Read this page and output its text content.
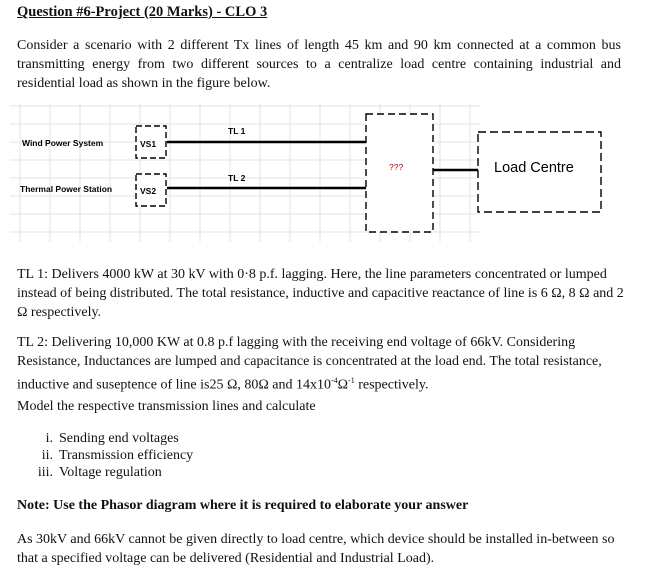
Question #6-Project (20 Marks) - CLO 3
Consider a scenario with 2 different Tx lines of length 45 km and 90 km connected at a common bus transmitting energy from two different sources to a centralize load centre containing industrial and residential load as shown in the figure below.
Wind Power System
Thermal Power Station
VS1
VS2
TL 1
TL 2
???	Load Centre
TL 1: Delivers 4000 kW at 30 kV with 0·8 p.f. lagging. Here, the line parameters concentrated or lumped instead of being distributed. The total resistance, inductive and capacitive reactance of line is 6 Ω, 8 Ω and 2 Ω respectively.
TL 2: Delivering 10,000 KW at 0.8 p.f lagging with the receiving end voltage of 66kV. Considering Resistance, Inductances are lumped and capacitance is concentrated at the load end. The total resistance, inductive and suseptence of line is25 Ω, 80Ω and $14x10^{-4}\Omega^{-1}$ respectively.
Model the respective transmission lines and calculate
i. Sending end voltages
ii. Transmission efficiency
iii. Voltage regulation
Note: Use the Phasor diagram where it is required to elaborate your answer
As 30kV and 66kV cannot be given directly to load centre, which device should be installed in-between so that a specified voltage can be delivered (Residential and Industrial Load).
